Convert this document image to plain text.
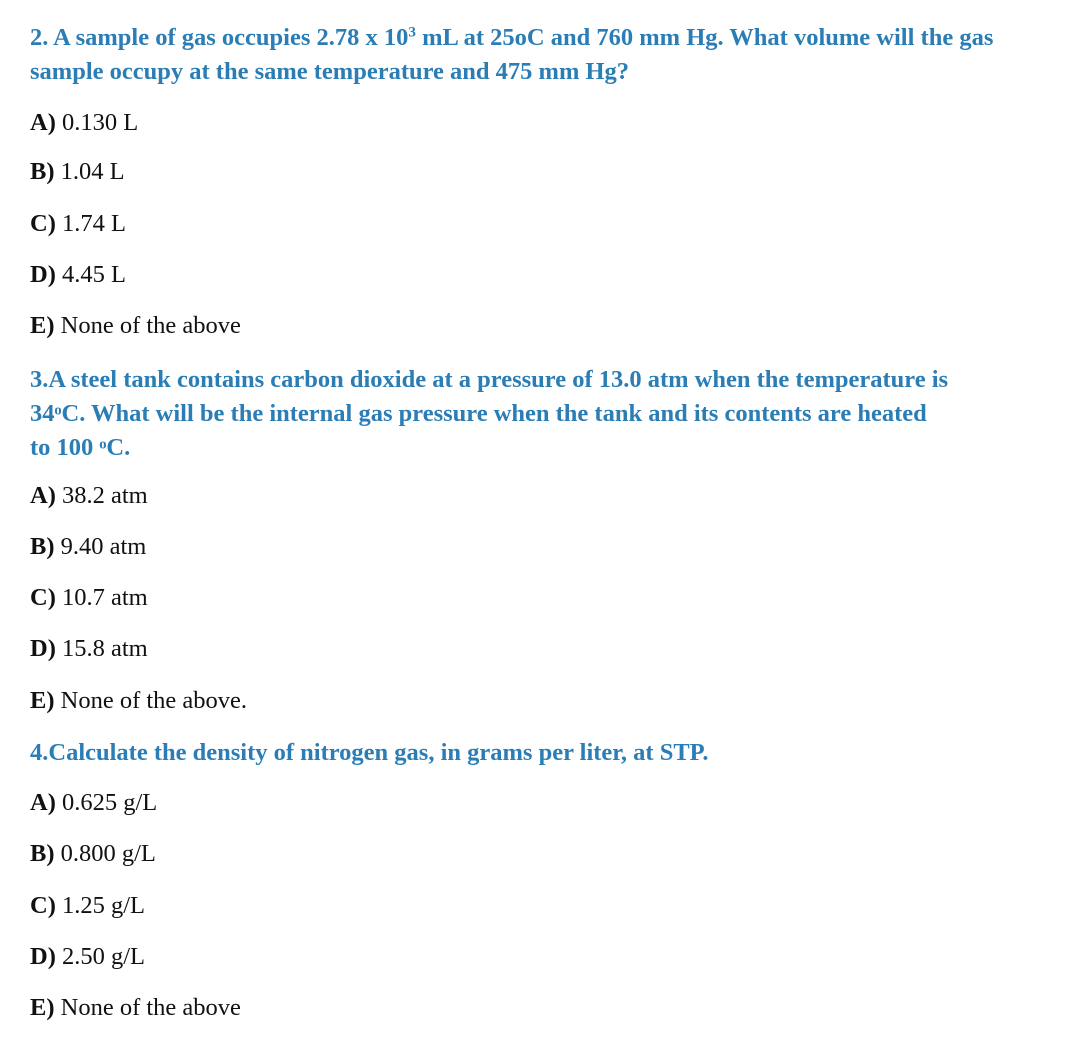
2. A sample of gas occupies 2.78 x $10^3$ mL at 25oC and 760 mm Hg. What volume will the gas sample occupy at the same temperature and 475 mm Hg?

A) 0.130 L
B) 1.04 L
C) 1.74 L
D) 4.45 L
E) None of the above
3.A steel tank contains carbon dioxide at a pressure of 13.0 atm when the temperature is
34ᵒC. What will be the internal gas pressure when the tank and its contents are heated
to 100 ᵒC.
A) 38.2 atm
B) 9.40 atm
C) 10.7 atm
D) 15.8 atm
E) None of the above.

4.Calculate the density of nitrogen gas, in grams per liter, at STP.

A) 0.625 g/L
B) 0.800 g/L
C) 1.25 g/L
D) 2.50 g/L
E) None of the above
